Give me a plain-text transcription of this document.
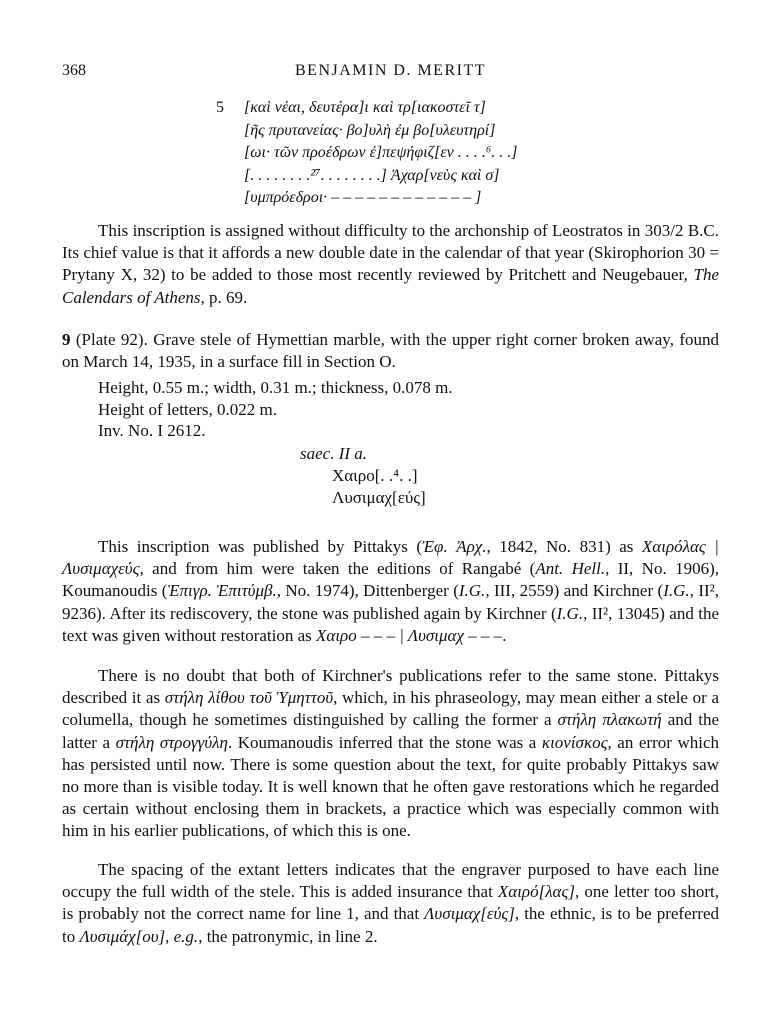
368	BENJAMIN D. MERITT
5 [καὶ νέαι, δευτέρα]ι καὶ τρ[ιακοστεῖ τ]
[ῆς πρυτανείας· βο]υλὴ ἐμ βο[υλευτηρί]
[ωι· τῶν προέδρων ἐ]πεψήφιζ[εν . . . .⁶. . .]
[. . . . . . . .²⁷. . . . . . . .] Ἀχαρ[νεὺς καὶ σ]
[υμπρόεδροι· – – – – – – – – – – – – ]

This inscription is assigned without difficulty to the archonship of Leostratos in 303/2 B.C. Its chief value is that it affords a new double date in the calendar of that year (Skirophorion 30 = Prytany X, 32) to be added to those most recently reviewed by Pritchett and Neugebauer, The Calendars of Athens, p. 69.

9 (Plate 92). Grave stele of Hymettian marble, with the upper right corner broken away, found on March 14, 1935, in a surface fill in Section O.

Height, 0.55 m.; width, 0.31 m.; thickness, 0.078 m.
Height of letters, 0.022 m.
Inv. No. I 2612.
saec. II a.
Χαιρο[. .⁴. .]
Λυσιμαχ[εύς]

This inscription was published by Pittakys (Ἐφ. Ἀρχ., 1842, No. 831) as Χαιρόλας | Λυσιμαχεύς, and from him were taken the editions of Rangabé (Ant. Hell., II, No. 1906), Koumanoudis (Ἐπιγρ. Ἐπιτύμβ., No. 1974), Dittenberger (I.G., III, 2559) and Kirchner (I.G., II², 9236). After its rediscovery, the stone was published again by Kirchner (I.G., II², 13045) and the text was given without restoration as Χαιρο – – – | Λυσιμαχ – – –.

There is no doubt that both of Kirchner's publications refer to the same stone. Pittakys described it as στήλη λίθου τοῦ Ὑμηττοῦ, which, in his phraseology, may mean either a stele or a columella, though he sometimes distinguished by calling the former a στήλη πλακωτή and the latter a στήλη στρογγύλη. Koumanoudis inferred that the stone was a κιονίσκος, an error which has persisted until now. There is some question about the text, for quite probably Pittakys saw no more than is visible today. It is well known that he often gave restorations which he regarded as certain without enclosing them in brackets, a practice which was especially common with him in his earlier publications, of which this is one.

The spacing of the extant letters indicates that the engraver purposed to have each line occupy the full width of the stele. This is added insurance that Χαιρό[λας], one letter too short, is probably not the correct name for line 1, and that Λυσιμαχ[εύς], the ethnic, is to be preferred to Λυσιμάχ[ου], e.g., the patronymic, in line 2.
